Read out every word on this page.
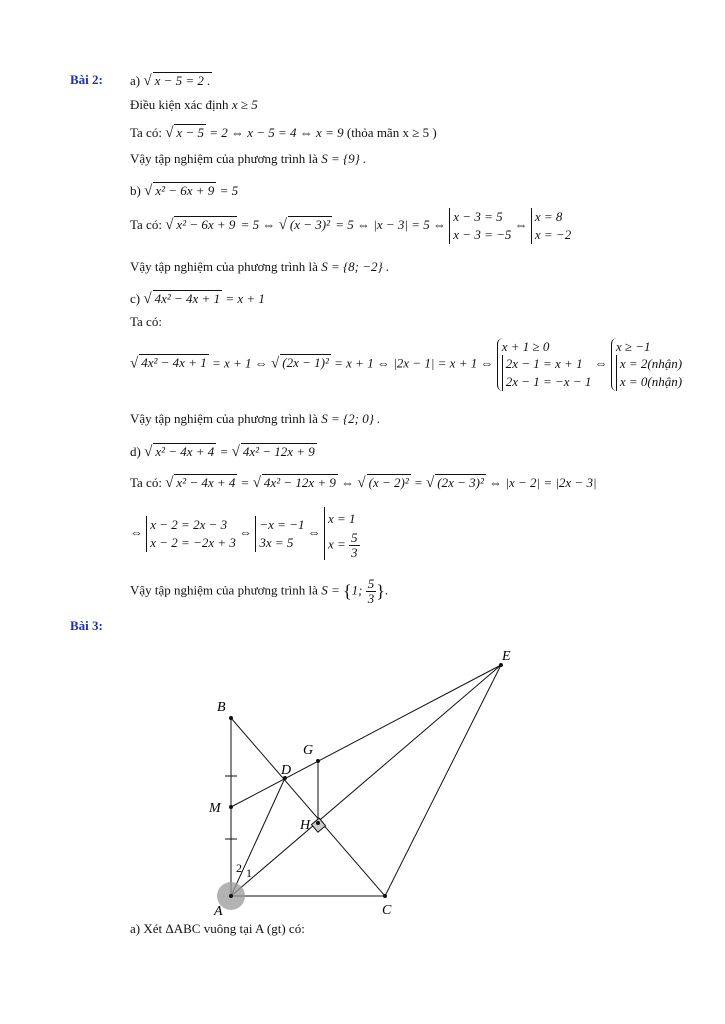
Bài 2: a) √ x − 5 = 2 .
Điều kiện xác định x ≥ 5
Ta có: √ x − 5 = 2 ⇔ x − 5 = 4 ⇔ x = 9 (thỏa mãn x ≥ 5 )
Vậy tập nghiệm của phương trình là S = {9} .
b) √ x² − 6x + 9 = 5
Ta có: √ x² − 6x + 9 = 5 ⇔ √ (x − 3)² = 5 ⇔ |x − 3| = 5 ⇔ x − 3 = 5
x − 3 = −5 ⇔ x = 8
x = −2
Vậy tập nghiệm của phương trình là S = {8; −2} .
c) √ 4x² − 4x + 1 = x + 1
Ta có:
√ 4x² − 4x + 1 = x + 1 ⇔ √ (2x − 1)² = x + 1 ⇔ |2x − 1| = x + 1 ⇔ x + 1 ≥ 0
2x − 1 = x + 1
2x − 1 = −x − 1 ⇔ x ≥ −1
x = 2(nhận)
x = 0(nhận)
Vậy tập nghiệm của phương trình là S = {2; 0} .
d) √ x² − 4x + 4 = √ 4x² − 12x + 9
Ta có: √ x² − 4x + 4 = √ 4x² − 12x + 9 ⇔ √ (x − 2)² = √ (2x − 3)² ⇔ |x − 2| = |2x − 3|
⇔ x − 2 = 2x − 3
x − 2 = −2x + 3 ⇔ −x = −1
3x = 5 ⇔ x = 1
$x = \frac{5}{3}$
Vậy tập nghiệm của phương trình là S = {1; $\frac{5}{3}$ }.
Bài 3:
A
B
C
D
E
G
H
M
2 1
a) Xét ΔABC vuông tại A (gt) có:
